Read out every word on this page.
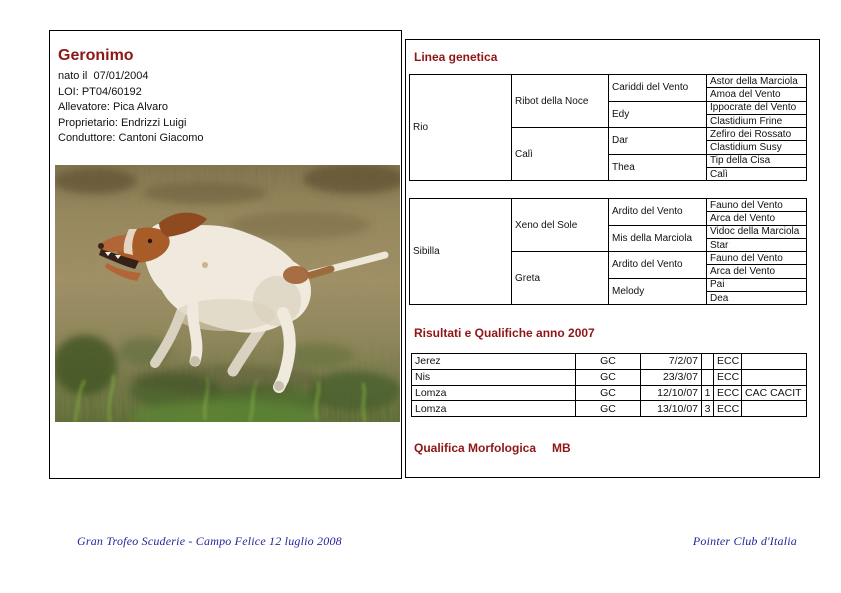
Geronimo
nato il  07/01/2004
LOI: PT04/60192
Allevatore: Pica Alvaro
Proprietario: Endrizzi Luigi
Conduttore: Cantoni Giacomo
Linea genetica
Rio	Ribot della Noce	Cariddi del Vento	Astor della Marciola
			Amoa del Vento
		Edy	Ippocrate del Vento
			Clastidium Frine
	Calì	Dar	Zefiro dei Rossato
			Clastidium Susy
		Thea	Tip della Cisa
			Calì
Sibilla	Xeno del Sole	Ardito del Vento	Fauno del Vento
			Arca del Vento
		Mis della Marciola	Vidoc della Marciola
			Star
	Greta	Ardito del Vento	Fauno del Vento
			Arca del Vento
		Melody	Pai
			Dea
Risultati e Qualifiche anno 2007
Jerez	GC	7/2/07		ECC	
Nis	GC	23/3/07		ECC	
Lomza	GC	12/10/07	1	ECC	CAC CACIT
Lomza	GC	13/10/07	3	ECC	
Qualifica Morfologica MB
Gran Trofeo Scuderie - Campo Felice 12 luglio 2008	Pointer Club d'Italia
